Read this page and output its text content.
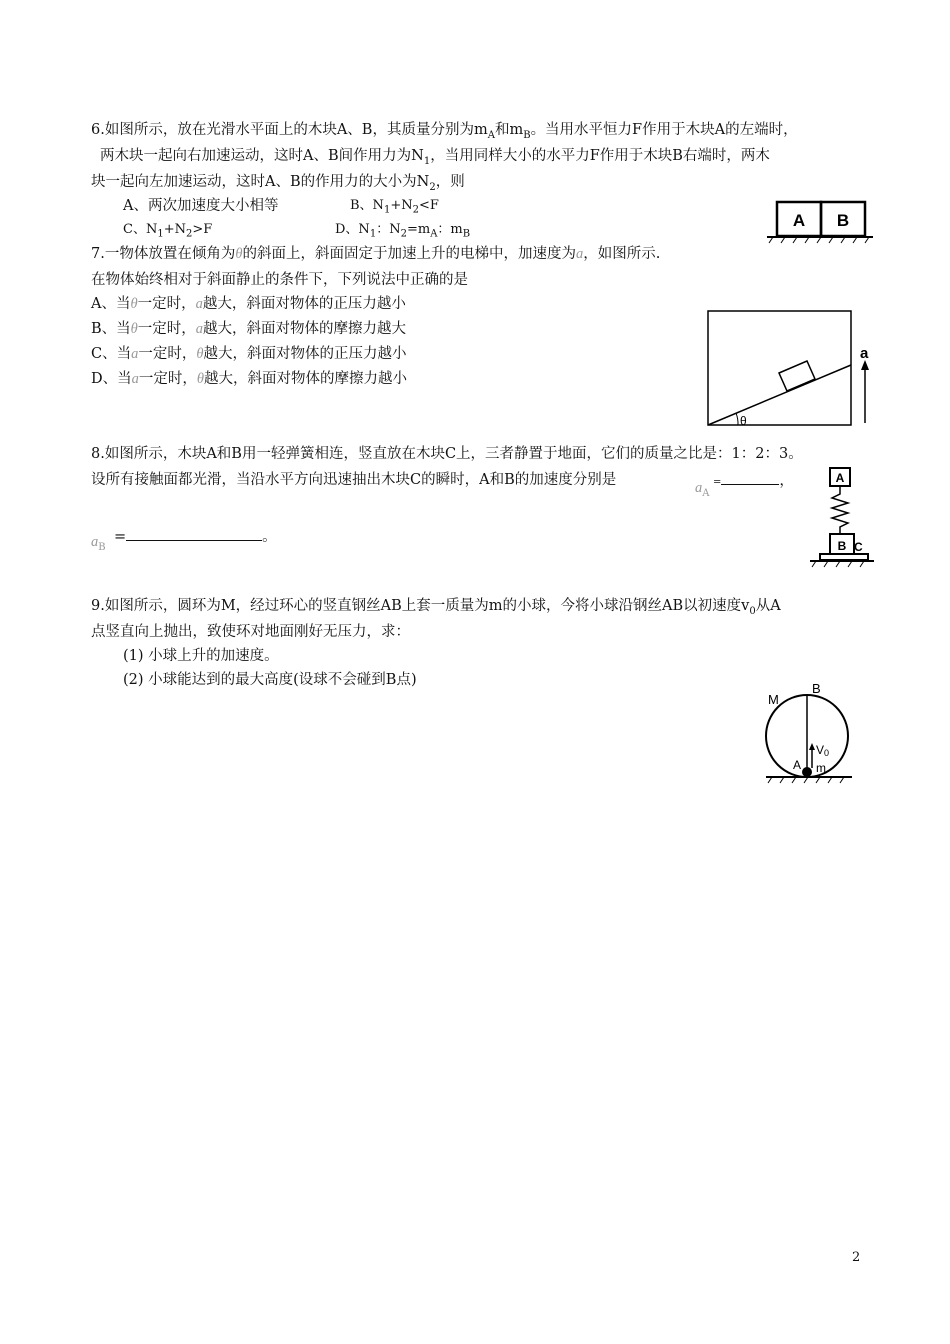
6.如图所示，放在光滑水平面上的木块A、B，其质量分别为$m_A$和$m_B$。当用水平恒力F作用于木块A的左端时，
两木块一起向右加速运动，这时A、B间作用力为$N_1$，当用同样大小的水平力F作用于木块B右端时，两木
块一起向左加速运动，这时A、B的作用力的大小为$N_2$，则
A、两次加速度大小相等	B、$N_1+N_2<F$
C、$N_1+N_2>F$	D、$N_1$：$N_2=m_A$：$m_B$
A B
7.一物体放置在倾角为θ的斜面上，斜面固定于加速上升的电梯中，加速度为a，如图所示.
在物体始终相对于斜面静止的条件下，下列说法中正确的是
A、当θ一定时，a越大，斜面对物体的正压力越小
B、当θ一定时，a越大，斜面对物体的摩擦力越大
C、当a一定时，θ越大，斜面对物体的正压力越小
D、当a一定时，θ越大，斜面对物体的摩擦力越小
θ
a
8.如图所示，木块A和B用一轻弹簧相连，竖直放在木块C上，三者静置于地面，它们的质量之比是：1：2：3。
设所有接触面都光滑，当沿水平方向迅速抽出木块C的瞬时，A和B的加速度分别是	$a_A$
=	，
$a_B$
=	。
A
B C
9.如图所示，圆环为M，经过环心的竖直钢丝AB上套一质量为m的小球，今将小球沿钢丝AB以初速度$v_0$从A
点竖直向上抛出，致使环对地面刚好无压力，求：
(1) 小球上升的加速度。
(2) 小球能达到的最大高度(设球不会碰到B点)
M
B
V0
A m
2
